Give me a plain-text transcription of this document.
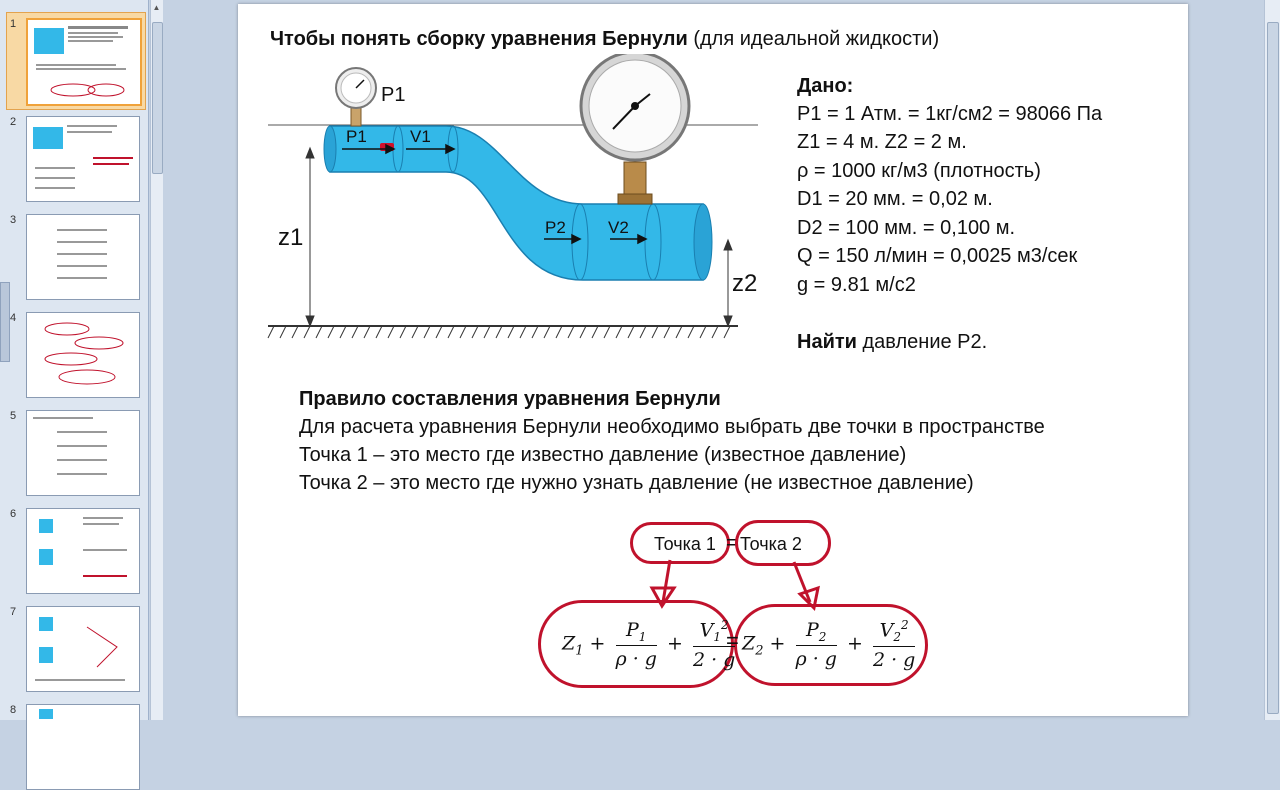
1
2
3
4
5
6
7
8
▲
Чтобы понять сборку уравнения Бернули (для идеальной жидкости)
P1
P1	V1
P2 V2
z1
z2
Дано:
P1 = 1 Атм. = 1кг/см2 = 98066 Па
Z1 = 4 м. Z2 = 2 м.
ρ = 1000 кг/м3 (плотность)
D1 = 20 мм. = 0,02 м.
D2 = 100 мм. = 0,100 м.
Q = 150 л/мин = 0,0025 м3/сек
g = 9.81 м/с2
Найти давление P2.
Правило составления уравнения Бернули
Для расчета уравнения Бернули необходимо выбрать две точки в пространстве
Точка 1 – это место где известно давление (известное давление)
Точка 2 – это место где нужно узнать давление (не известное давление)
Точка 1 = Точка 2
$Z_1 + \frac{P_1}{\rho \cdot g} + \frac{V_1^2}{2 \cdot g}$
= $Z_2 + \frac{P_2}{\rho \cdot g} + \frac{V_2^2}{2 \cdot g}$
